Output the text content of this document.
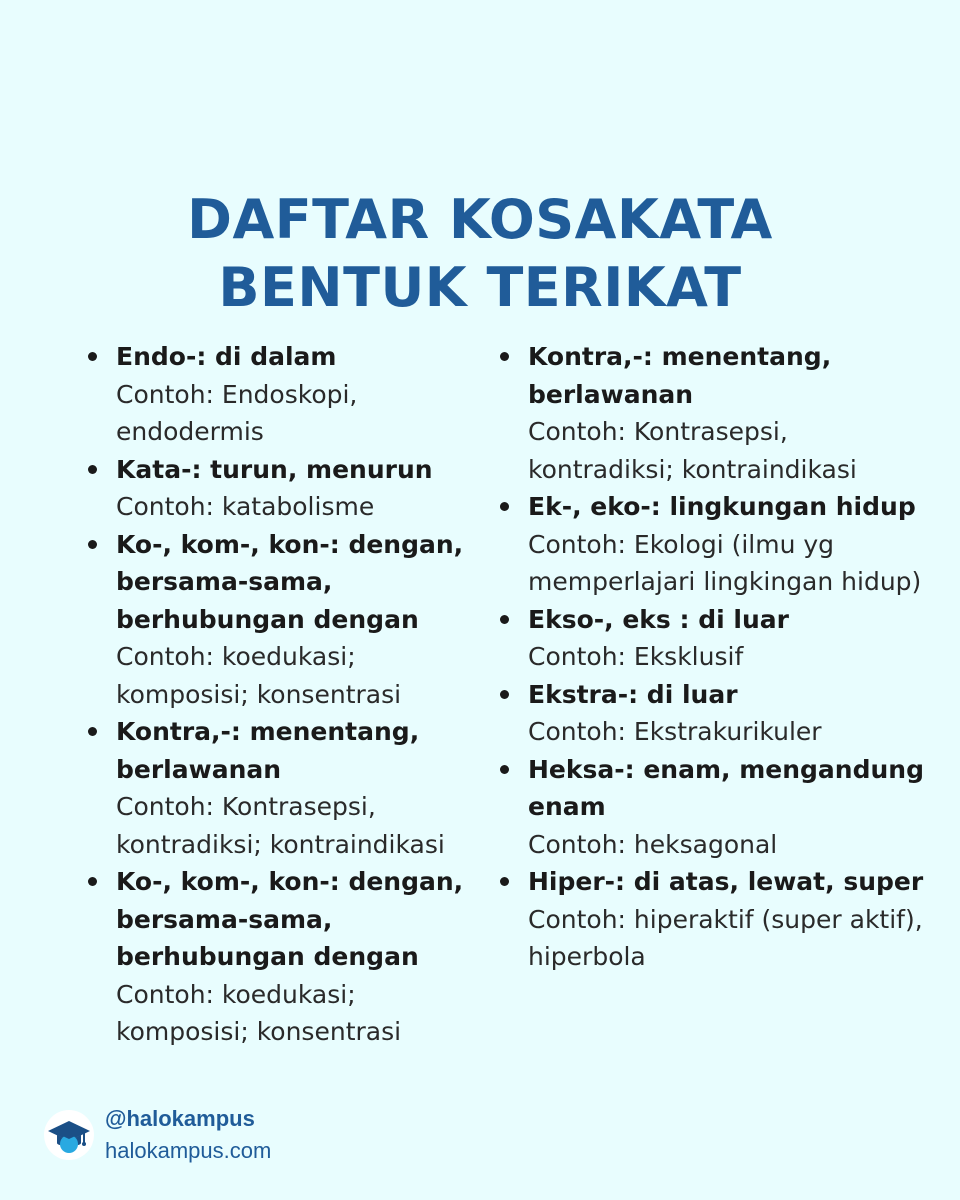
DAFTAR KOSAKATA
BENTUK TERIKAT
Endo-: di dalam
Contoh: Endoskopi,
endodermis
Kata-: turun, menurun
Contoh: katabolisme
Ko-, kom-, kon-: dengan,
bersama-sama,
berhubungan dengan
Contoh: koedukasi;
komposisi; konsentrasi
Kontra,-: menentang,
berlawanan
Contoh: Kontrasepsi,
kontradiksi; kontraindikasi
Ko-, kom-, kon-: dengan,
bersama-sama,
berhubungan dengan
Contoh: koedukasi;
komposisi; konsentrasi
Kontra,-: menentang,
berlawanan
Contoh: Kontrasepsi,
kontradiksi; kontraindikasi
Ek-, eko-: lingkungan hidup
Contoh: Ekologi (ilmu yg
memperlajari lingkingan hidup)
Ekso-, eks : di luar
Contoh: Eksklusif
Ekstra-: di luar
Contoh: Ekstrakurikuler
Heksa-: enam, mengandung
enam
Contoh: heksagonal
Hiper-: di atas, lewat, super
Contoh: hiperaktif (super aktif),
hiperbola
@halokampus
halokampus.com
